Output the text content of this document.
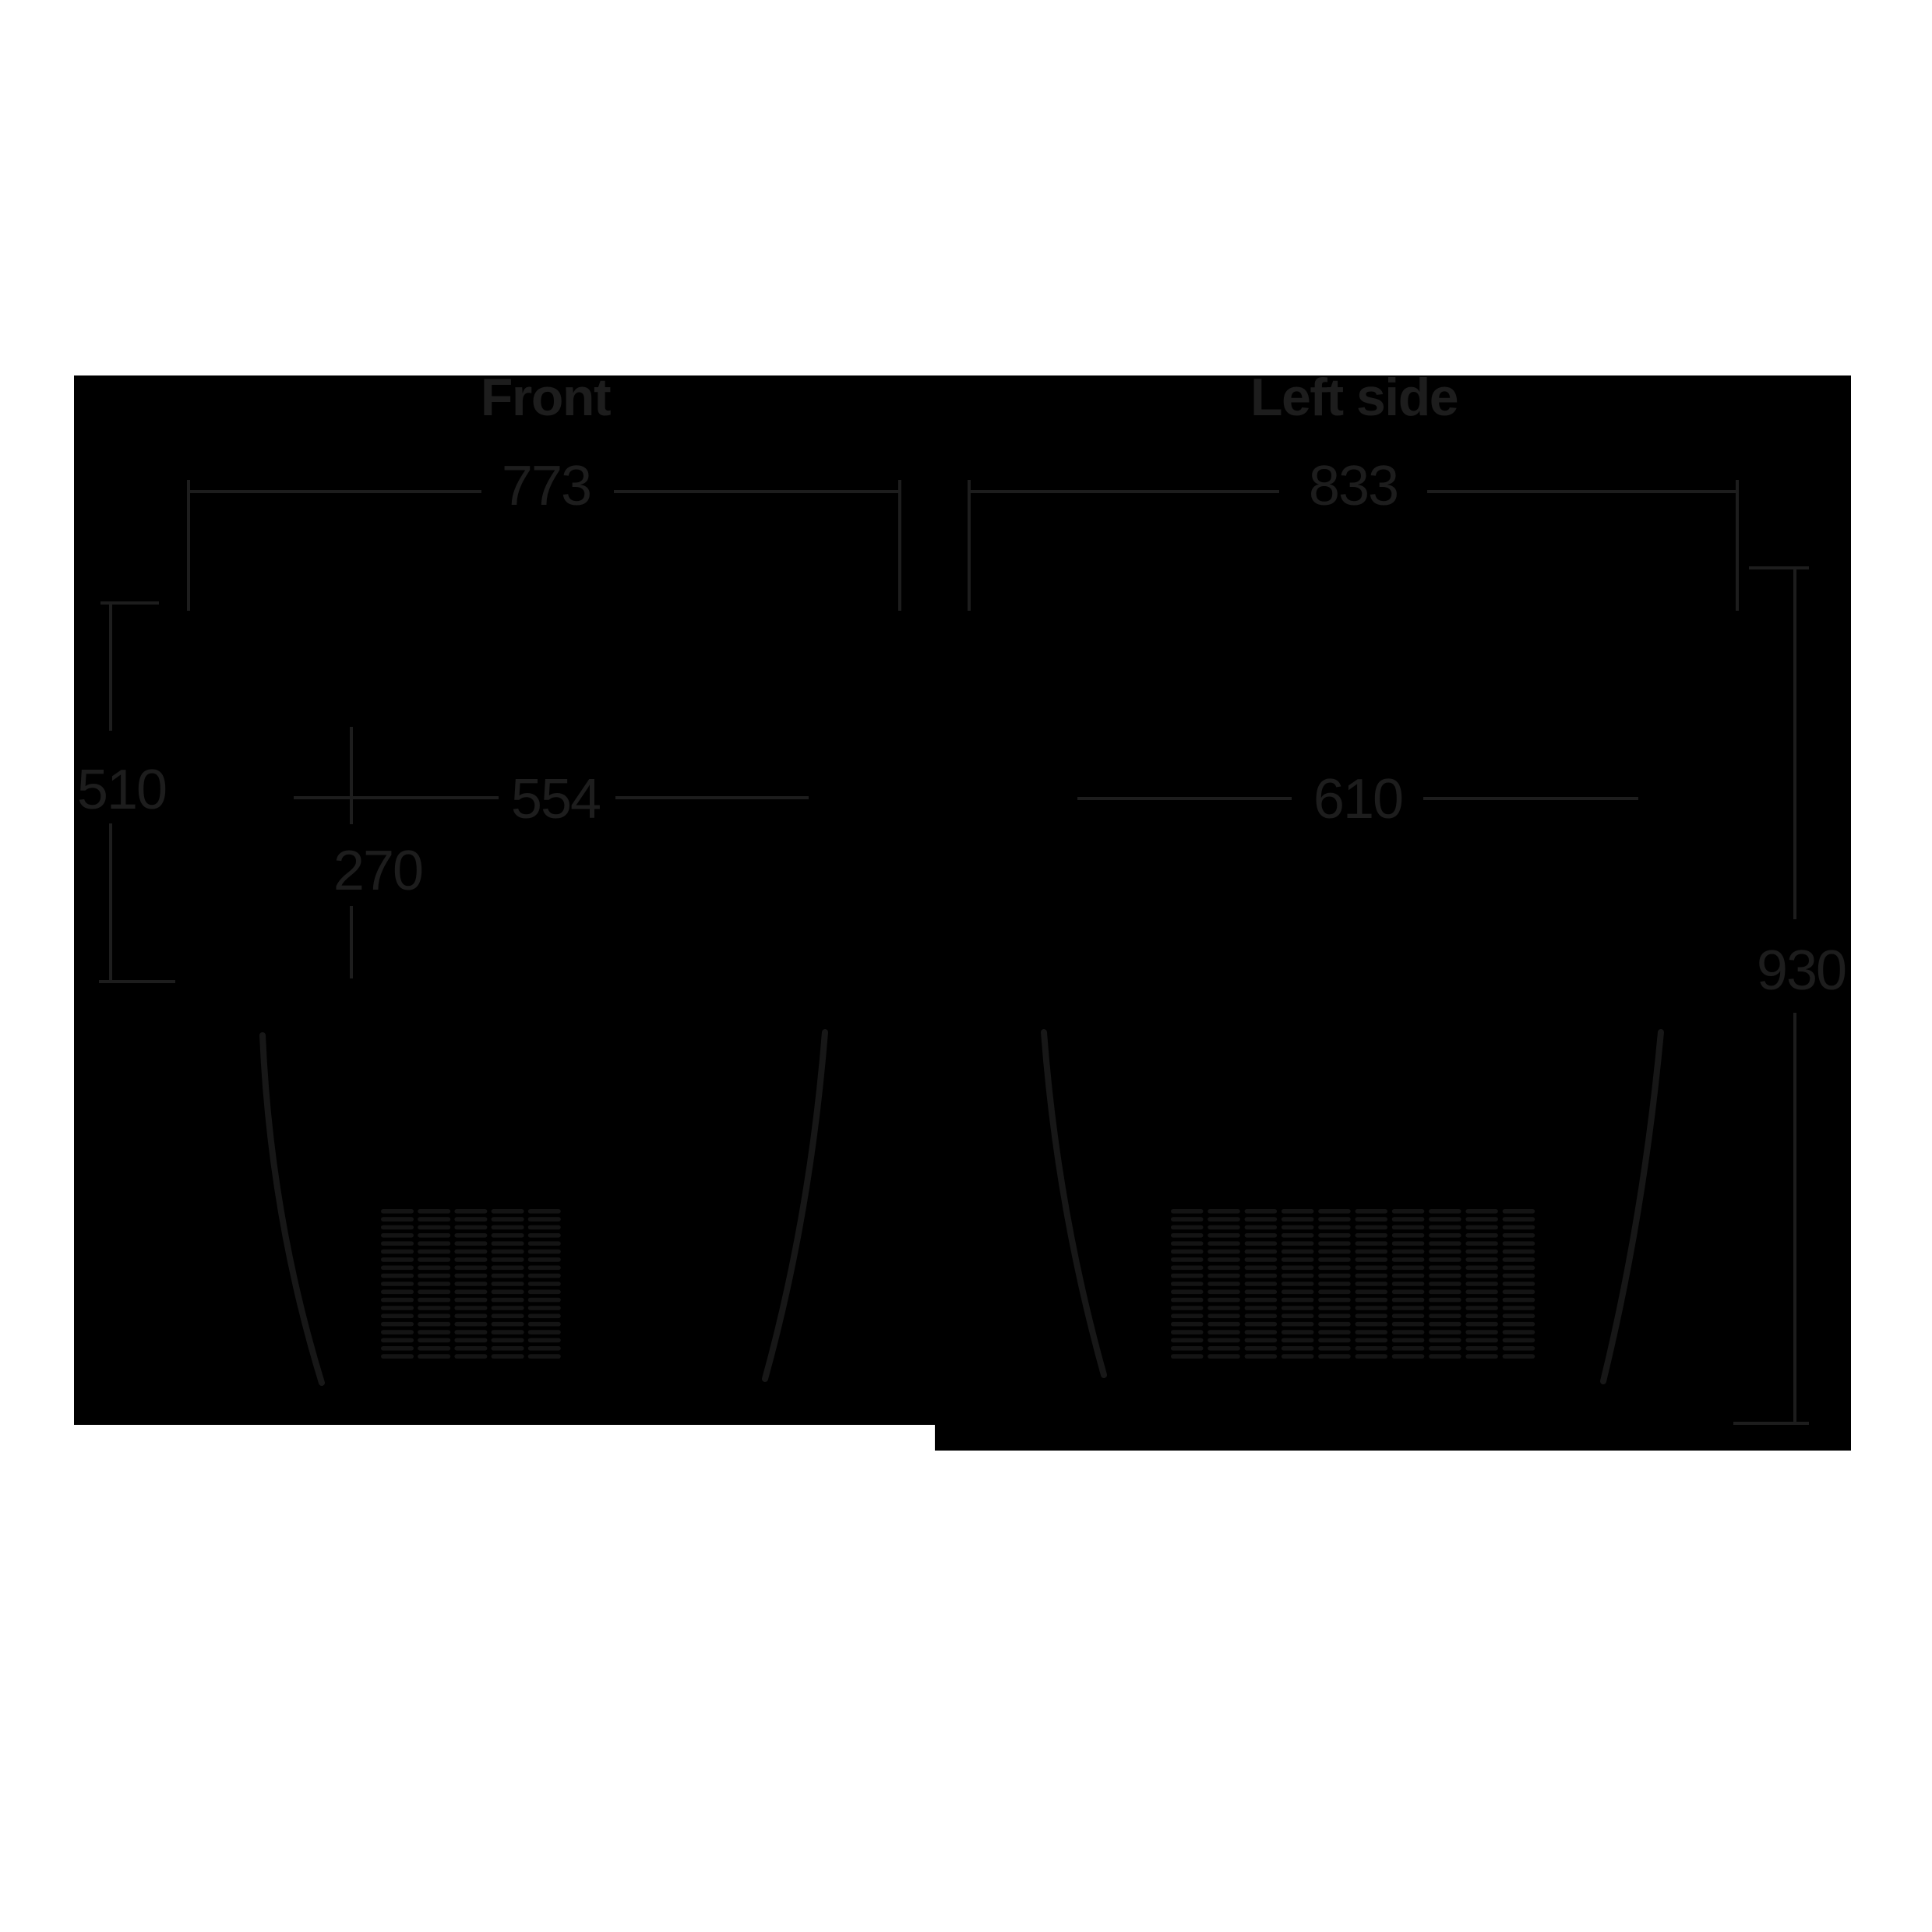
Front	Left side
773	833
510	554	610
270
930
